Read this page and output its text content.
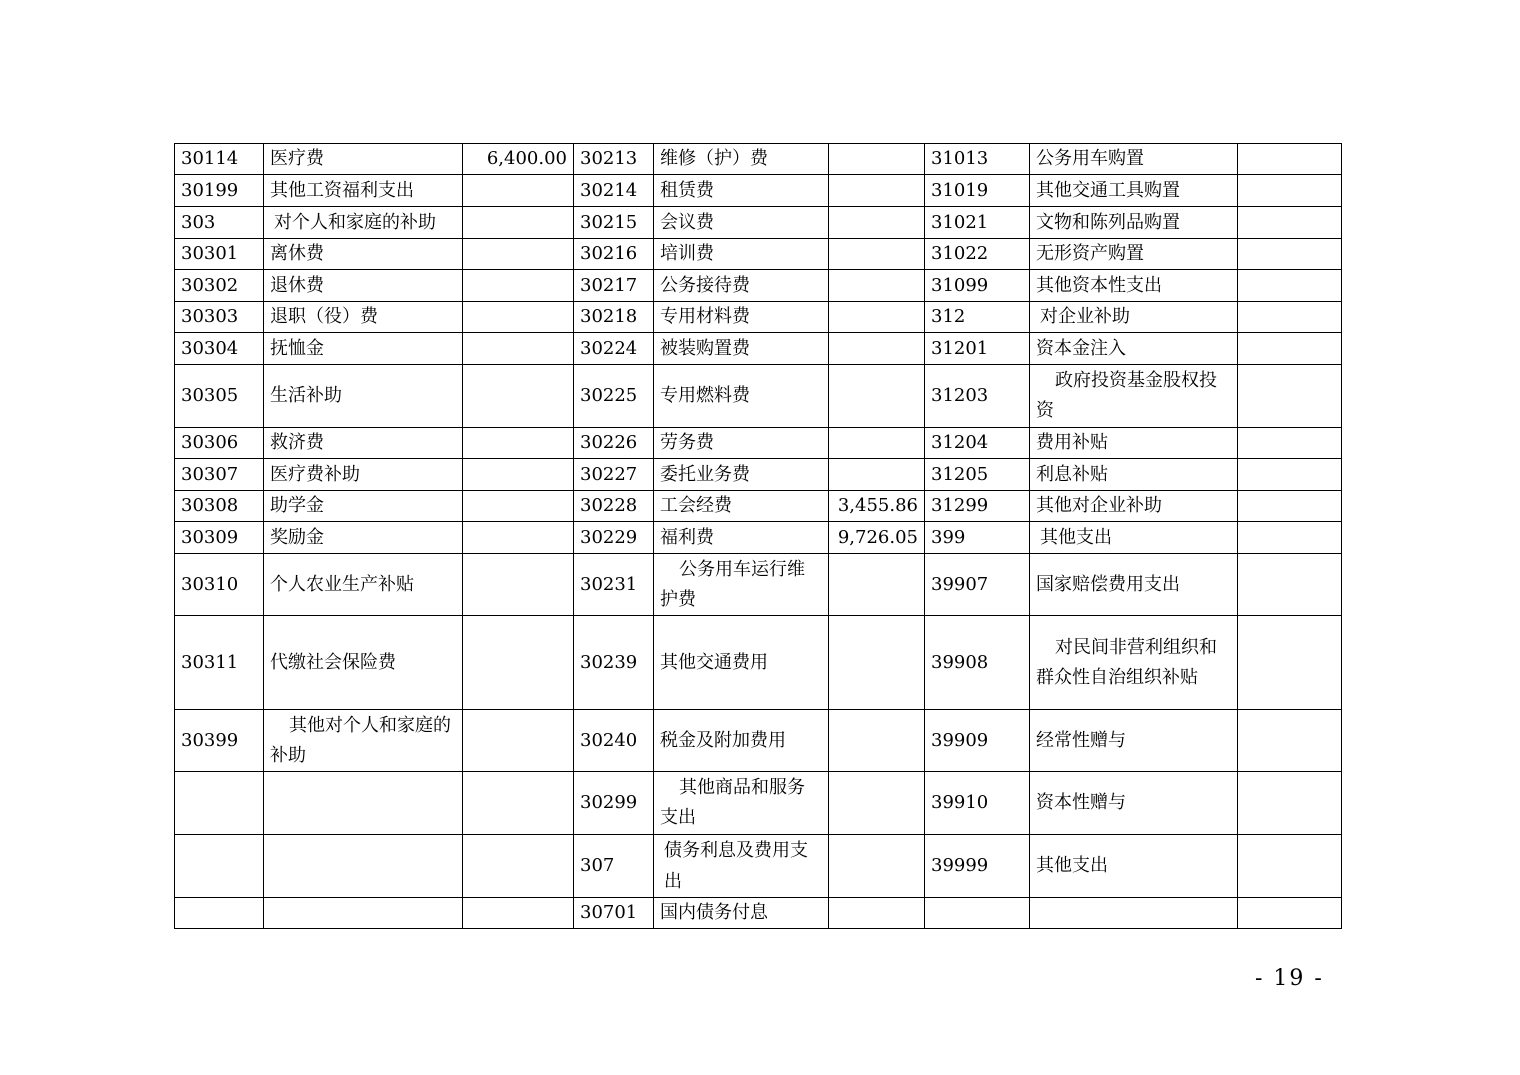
30114	医疗费	6,400.00	30213	维修（护）费		31013	公务用车购置	
30199	其他工资福利支出		30214	租赁费		31019	其他交通工具购置	
303	对个人和家庭的补助		30215	会议费		31021	文物和陈列品购置	
30301	离休费		30216	培训费		31022	无形资产购置	
30302	退休费		30217	公务接待费		31099	其他资本性支出	
30303	退职（役）费		30218	专用材料费		312	对企业补助	
30304	抚恤金		30224	被装购置费		31201	资本金注入	
30305	生活补助		30225	专用燃料费		31203	政府投资基金股权投资	
30306	救济费		30226	劳务费		31204	费用补贴	
30307	医疗费补助		30227	委托业务费		31205	利息补贴	
30308	助学金		30228	工会经费	3,455.86	31299	其他对企业补助	
30309	奖励金		30229	福利费	9,726.05	399	其他支出	
30310	个人农业生产补贴		30231	公务用车运行维护费		39907	国家赔偿费用支出	
30311	代缴社会保险费		30239	其他交通费用		39908	对民间非营利组织和群众性自治组织补贴	
30399	其他对个人和家庭的补助		30240	税金及附加费用		39909	经常性赠与	
			30299	其他商品和服务支出		39910	资本性赠与	
			307	债务利息及费用支出		39999	其他支出	
			30701	国内债务付息				
- 19 -
